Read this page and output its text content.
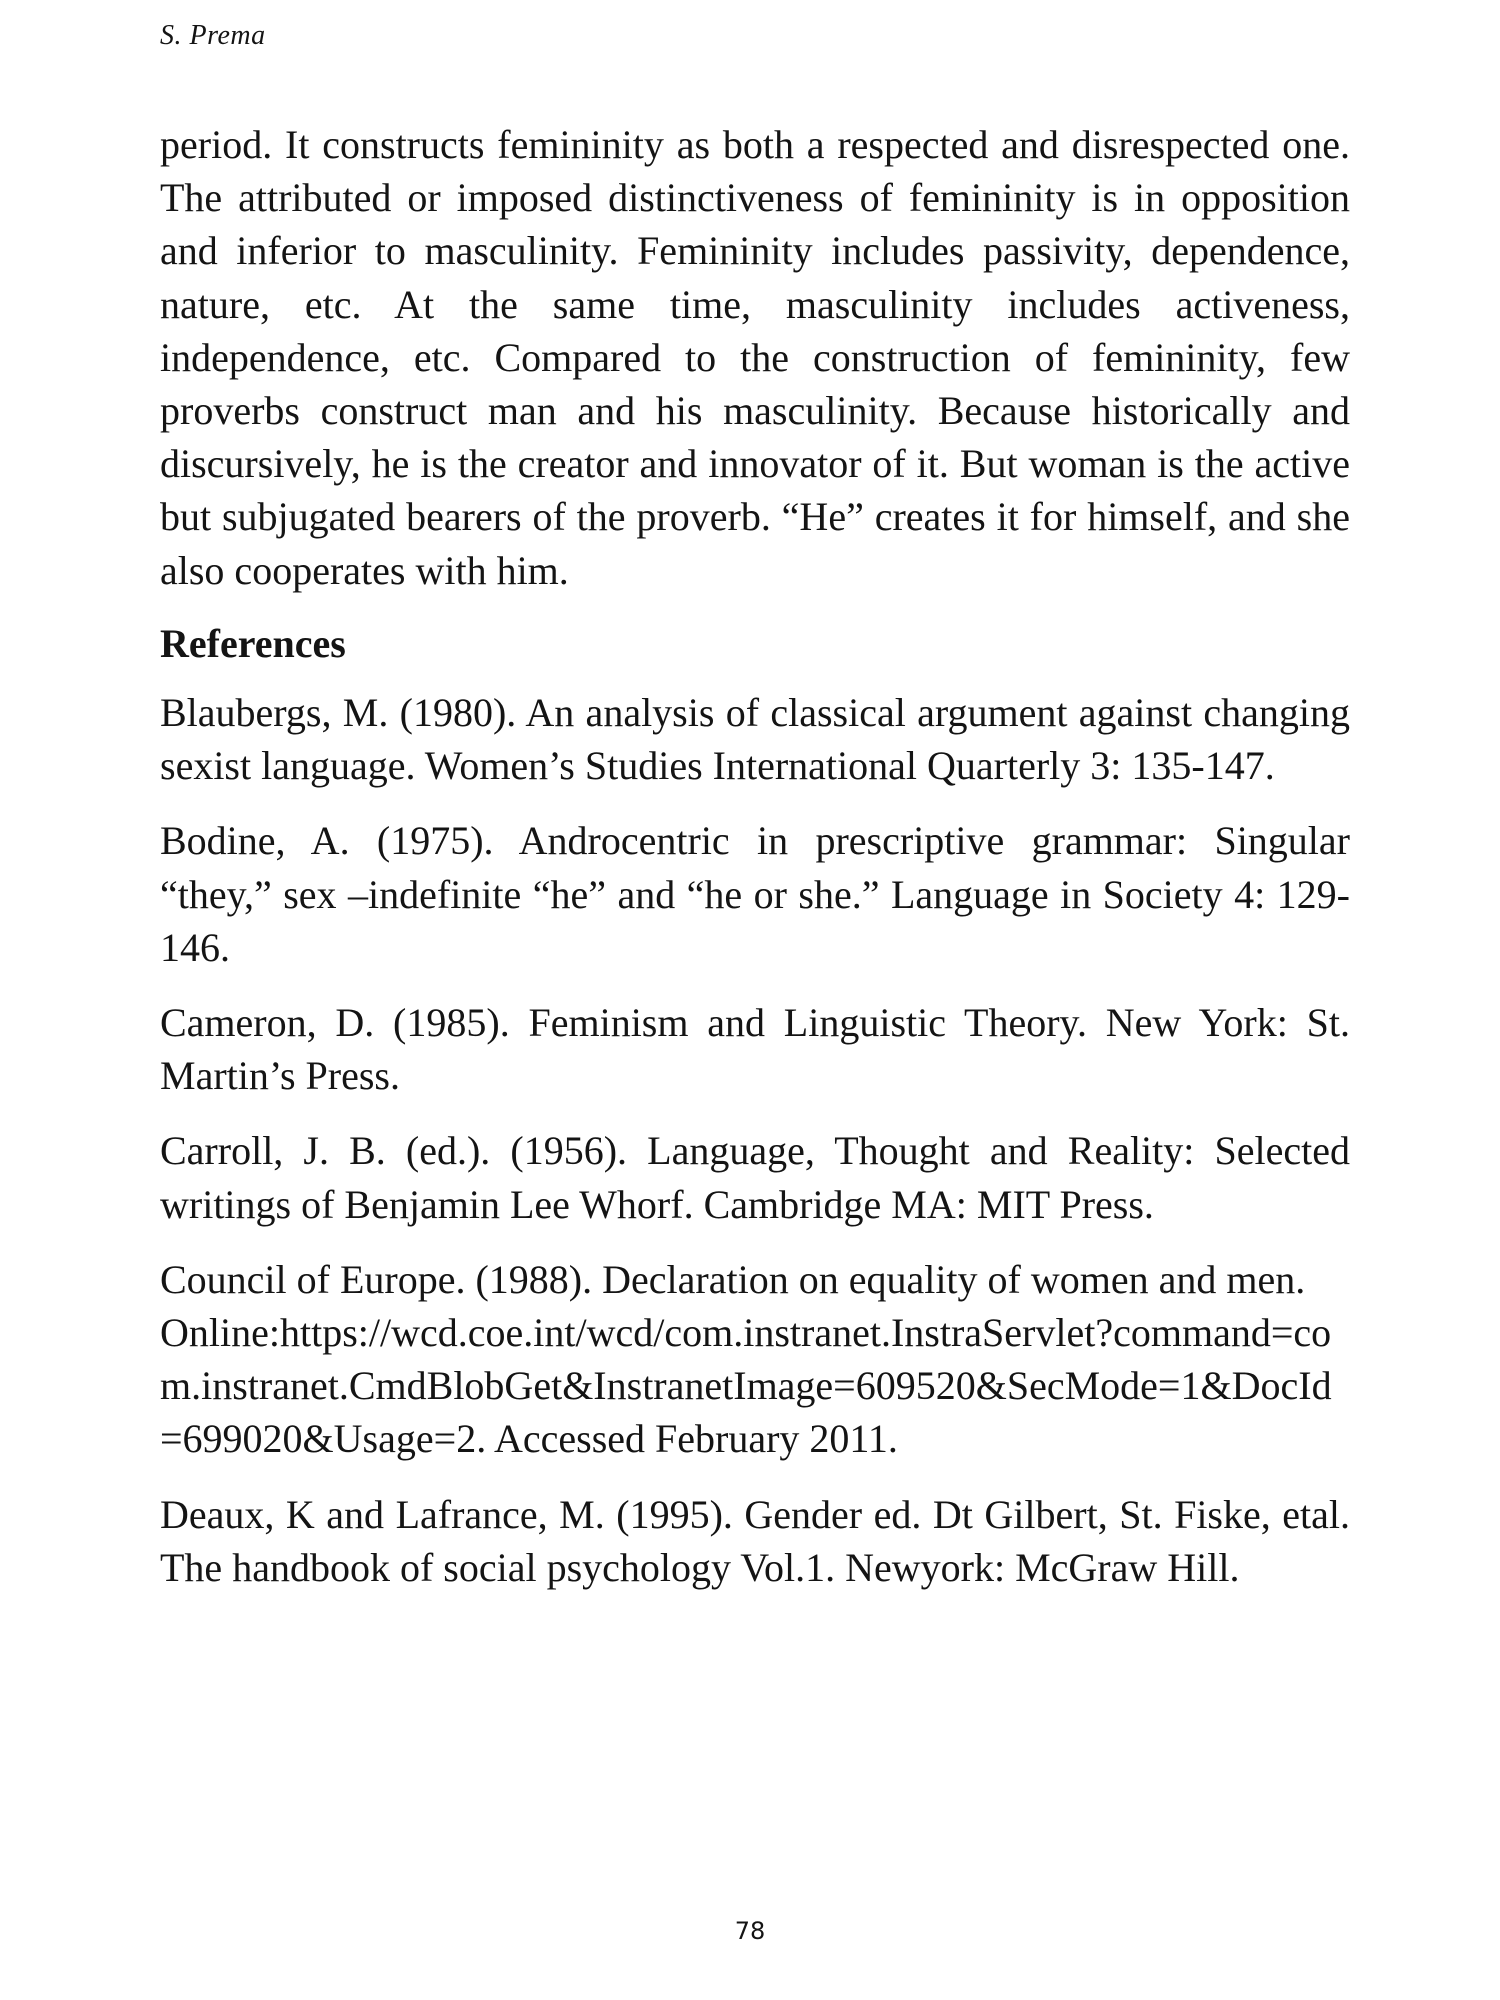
S. Prema

period. It constructs femininity as both a respected and disrespected one. The attributed or imposed distinctiveness of femininity is in opposition and inferior to masculinity. Femininity includes passivity, dependence, nature, etc. At the same time, masculinity includes activeness, independence, etc. Compared to the construction of femininity, few proverbs construct man and his masculinity. Because historically and discursively, he is the creator and innovator of it. But woman is the active but subjugated bearers of the proverb. “He” creates it for himself, and she also cooperates with him.

References
Blaubergs, M. (1980). An analysis of classical argument against changing sexist language. Women’s Studies International Quarterly 3: 135-147.
Bodine, A. (1975). Androcentric in prescriptive grammar: Singular “they,” sex –indefinite “he” and “he or she.” Language in Society 4: 129-146.
Cameron, D. (1985). Feminism and Linguistic Theory. New York: St. Martin’s Press.
Carroll, J. B. (ed.). (1956). Language, Thought and Reality: Selected writings of Benjamin Lee Whorf. Cambridge MA: MIT Press.
Council of Europe. (1988). Declaration on equality of women and men.
Online:https://wcd.coe.int/wcd/com.instranet.InstraServlet?command=com.instranet.CmdBlobGet&InstranetImage=609520&SecMode=1&DocId=699020&Usage=2. Accessed February 2011.
Deaux, K and Lafrance, M. (1995). Gender ed. Dt Gilbert, St. Fiske, etal. The handbook of social psychology Vol.1. Newyork: McGraw Hill.
78
